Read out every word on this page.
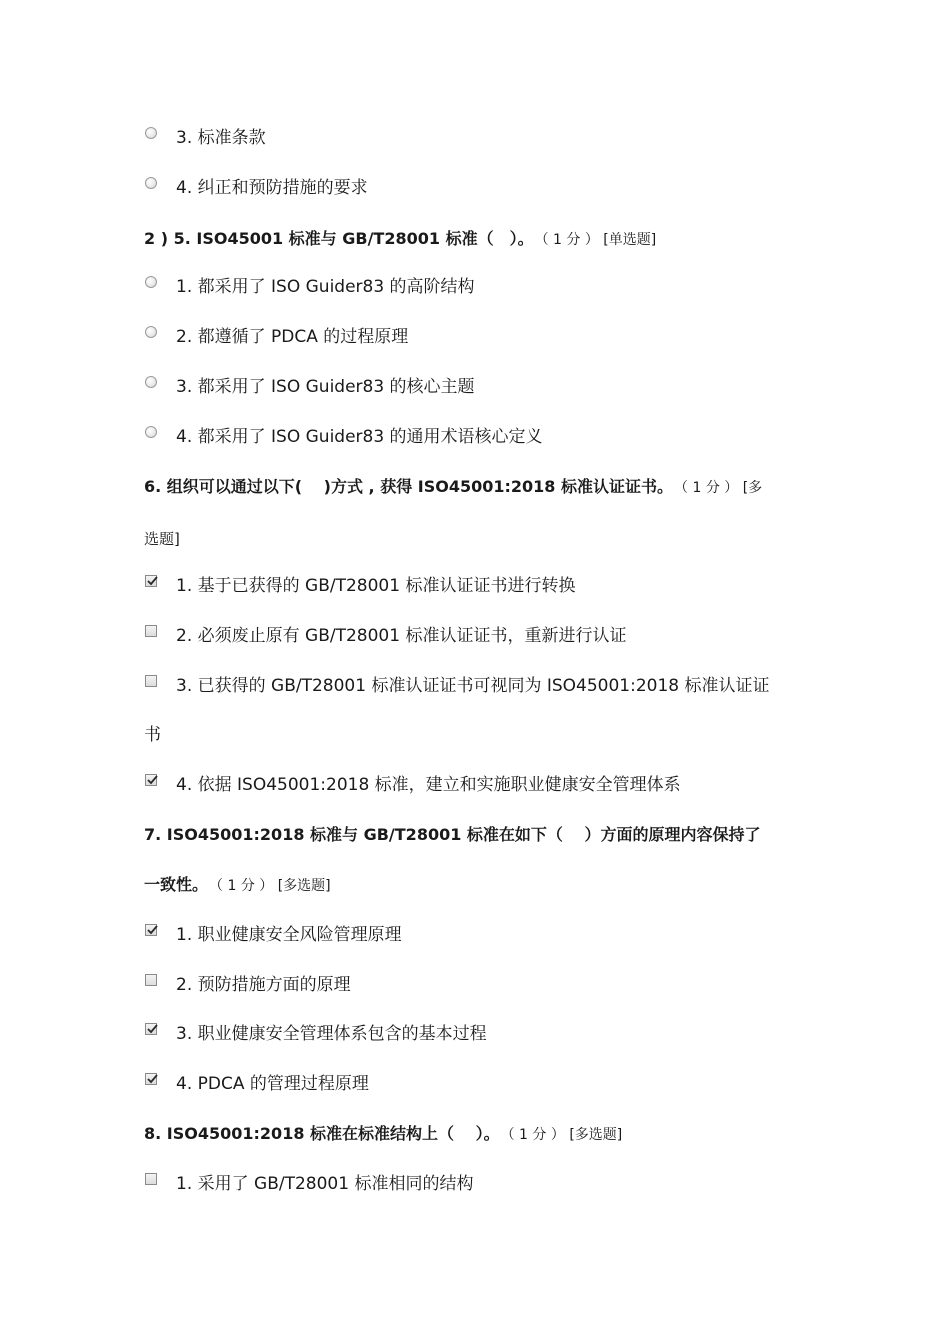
3. 标准条款
4. 纠正和预防措施的要求
2 ) 5. ISO45001 标准与 GB/T28001 标准（　）。 （ 1 分 ） [单选题]
1. 都采用了 ISO Guider83 的高阶结构
2. 都遵循了 PDCA 的过程原理
3. 都采用了 ISO Guider83 的核心主题
4. 都采用了 ISO Guider83 的通用术语核心定义
6. 组织可以通过以下(　 )方式 , 获得 ISO45001:2018 标准认证证书。 （ 1 分 ） [多
选题]
1. 基于已获得的 GB/T28001 标准认证证书进行转换
2. 必须废止原有 GB/T28001 标准认证证书，重新进行认证
3. 已获得的 GB/T28001 标准认证证书可视同为 ISO45001:2018 标准认证证
书
4. 依据 ISO45001:2018 标准，建立和实施职业健康安全管理体系
7. ISO45001:2018 标准与 GB/T28001 标准在如下（　 ）方面的原理内容保持了
一致性。 （ 1 分 ） [多选题]
1. 职业健康安全风险管理原理
2. 预防措施方面的原理
3. 职业健康安全管理体系包含的基本过程
4. PDCA 的管理过程原理
8. ISO45001:2018 标准在标准结构上（　 ）。 （ 1 分 ） [多选题]
1. 采用了 GB/T28001 标准相同的结构
